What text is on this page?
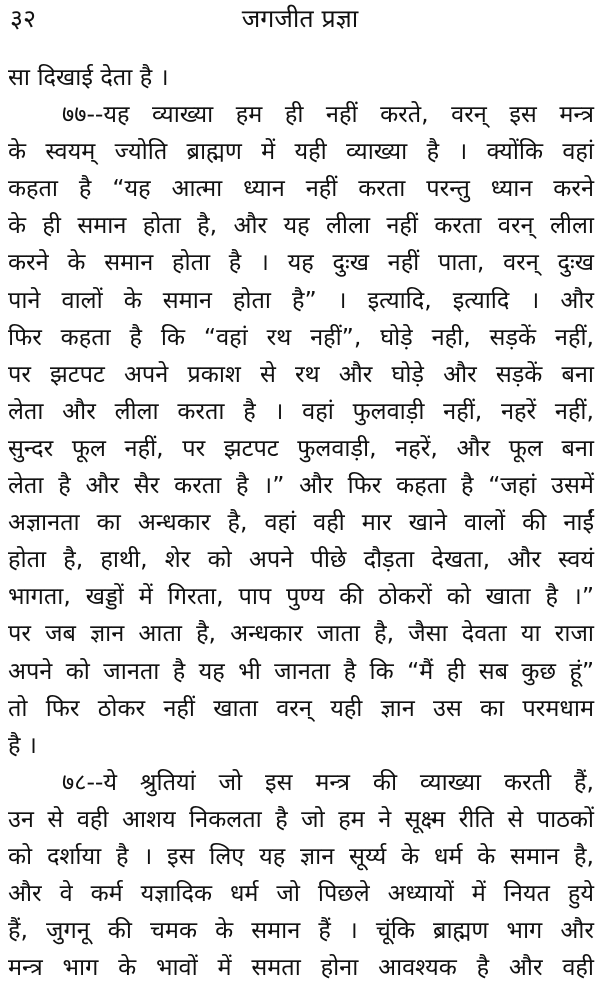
३२	जगजीत प्रज्ञा
सा दिखाई देता है ।
७७--यह व्याख्या हम ही नहीं करते, वरन् इस मन्त्र
के स्वयम् ज्योति ब्राह्मण में यही व्याख्या है । क्योंकि वहां
कहता है “यह आत्मा ध्यान नहीं करता परन्तु ध्यान करने
के ही समान होता है, और यह लीला नहीं करता वरन् लीला
करने के समान होता है । यह दुःख नहीं पाता, वरन् दुःख
पाने वालों के समान होता है” । इत्यादि, इत्यादि । और
फिर कहता है कि “वहां रथ नहीं”, घोड़े नही, सड़कें नहीं,
पर झटपट अपने प्रकाश से रथ और घोड़े और सड़कें बना
लेता और लीला करता है । वहां फुलवाड़ी नहीं, नहरें नहीं,
सुन्दर फूल नहीं, पर झटपट फुलवाड़ी, नहरें, और फूल बना
लेता है और सैर करता है ।” और फिर कहता है “जहां उसमें
अज्ञानता का अन्धकार है, वहां वही मार खाने वालों की नाईं
होता है, हाथी, शेर को अपने पीछे दौड़ता देखता, और स्वयं
भागता, खड्डों में गिरता, पाप पुण्य की ठोकरों को खाता है ।”
पर जब ज्ञान आता है, अन्धकार जाता है, जैसा देवता या राजा
अपने को जानता है यह भी जानता है कि “मैं ही सब कुछ हूं”
तो फिर ठोकर नहीं खाता वरन् यही ज्ञान उस का परमधाम
है ।
७८--ये श्रुतियां जो इस मन्त्र की व्याख्या करती हैं,
उन से वही आशय निकलता है जो हम ने सूक्ष्म रीति से पाठकों
को दर्शाया है । इस लिए यह ज्ञान सूर्य्य के धर्म के समान है,
और वे कर्म यज्ञादिक धर्म जो पिछले अध्यायों में नियत हुये
हैं, जुगनू की चमक के समान हैं । चूंकि ब्राह्मण भाग और
मन्त्र भाग के भावों में समता होना आवश्यक है और वही
